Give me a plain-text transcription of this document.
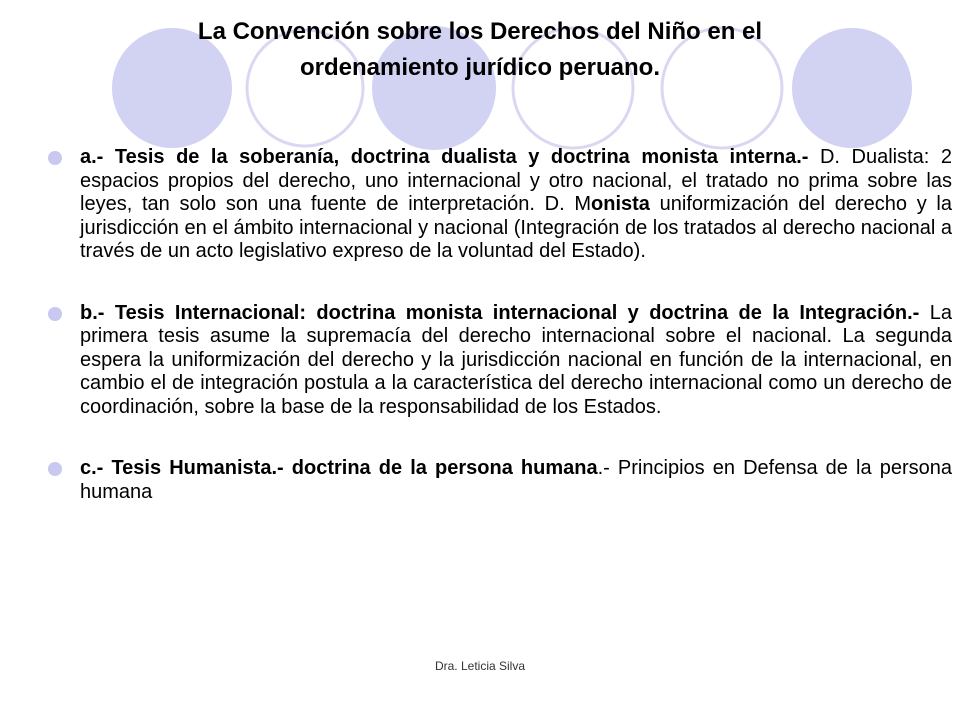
La Convención sobre los Derechos del Niño en el
ordenamiento jurídico peruano.
a.- Tesis de la soberanía, doctrina dualista y doctrina monista interna.- D. Dualista: 2 espacios propios del derecho, uno internacional y otro nacional, el tratado no prima sobre las leyes, tan solo son una fuente de interpretación. D. Monista uniformización del derecho y la jurisdicción en el ámbito internacional y nacional (Integración de los tratados al derecho nacional a través de un acto legislativo expreso de la voluntad del Estado).
b.- Tesis Internacional: doctrina monista internacional y doctrina de la Integración.- La primera tesis asume la supremacía del derecho internacional sobre el nacional. La segunda espera la uniformización del derecho y la jurisdicción nacional en función de la internacional, en cambio el de integración postula a la característica del derecho internacional como un derecho de coordinación, sobre la base de la responsabilidad de los Estados.
c.- Tesis Humanista.- doctrina de la persona humana.- Principios en Defensa de la persona humana
Dra. Leticia Silva
